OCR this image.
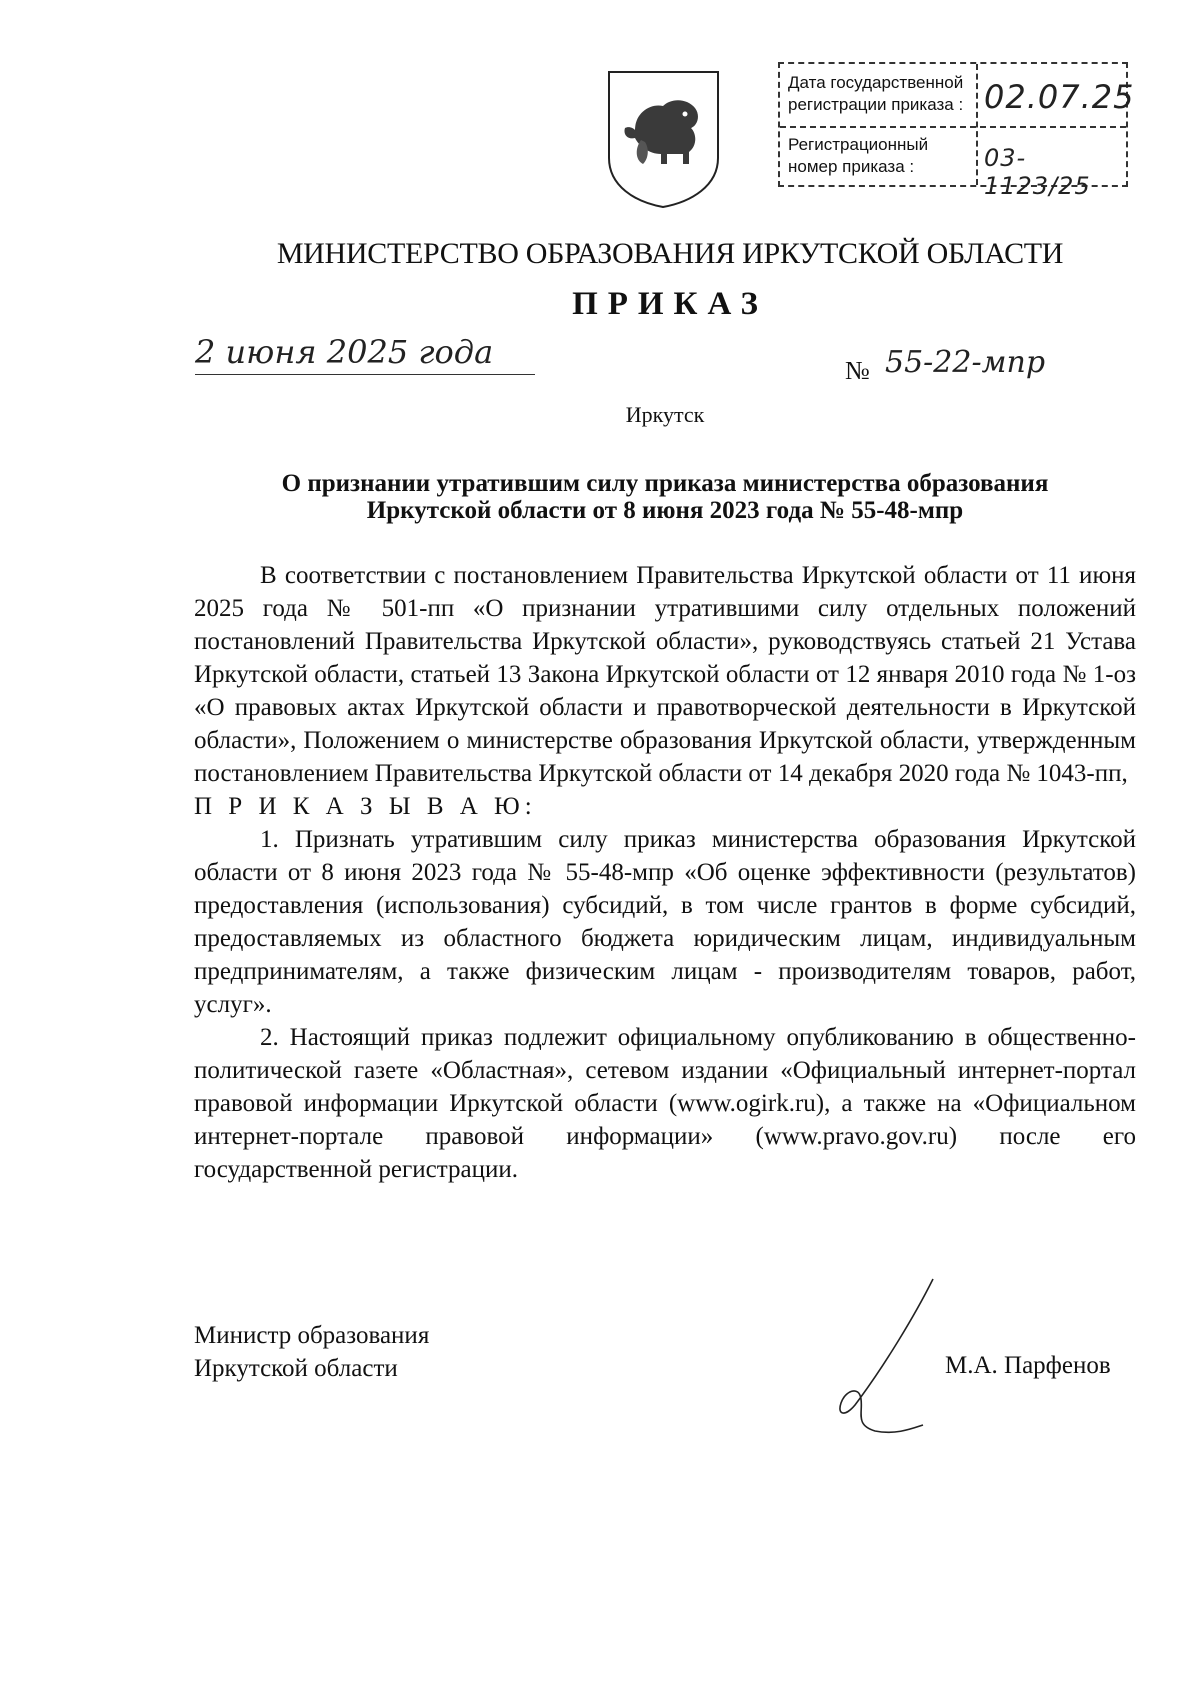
Дата государственной
регистрации приказа : 02.07.25
Регистрационный
номер приказа :	03-1123/25
МИНИСТЕРСТВО ОБРАЗОВАНИЯ ИРКУТСКОЙ ОБЛАСТИ
ПРИКАЗ
2 июня 2025 года	№ 55-22-мпр
Иркутск
О признании утратившим силу приказа министерства образования
Иркутской области от 8 июня 2023 года № 55-48-мпр

В соответствии с постановлением Правительства Иркутской области от 11 июня 2025 года № 501-пп «О признании утратившими силу отдельных положений постановлений Правительства Иркутской области», руководствуясь статьей 21 Устава Иркутской области, статьей 13 Закона Иркутской области от 12 января 2010 года № 1-оз «О правовых актах Иркутской области и правотворческой деятельности в Иркутской области», Положением о министерстве образования Иркутской области, утвержденным постановлением Правительства Иркутской области от 14 декабря 2020 года № 1043-пп,

П Р И К А З Ы В А Ю:

1. Признать утратившим силу приказ министерства образования Иркутской области от 8 июня 2023 года № 55-48-мпр «Об оценке эффективности (результатов) предоставления (использования) субсидий, в том числе грантов в форме субсидий, предоставляемых из областного бюджета юридическим лицам, индивидуальным предпринимателям, а также физическим лицам - производителям товаров, работ, услуг».

2. Настоящий приказ подлежит официальному опубликованию в общественно-политической газете «Областная», сетевом издании «Официальный интернет-портал правовой информации Иркутской области (www.ogirk.ru), а также на «Официальном интернет-портале правовой информации» (www.pravo.gov.ru) после его государственной регистрации.

Министр образования
Иркутской области	М.А. Парфенов
